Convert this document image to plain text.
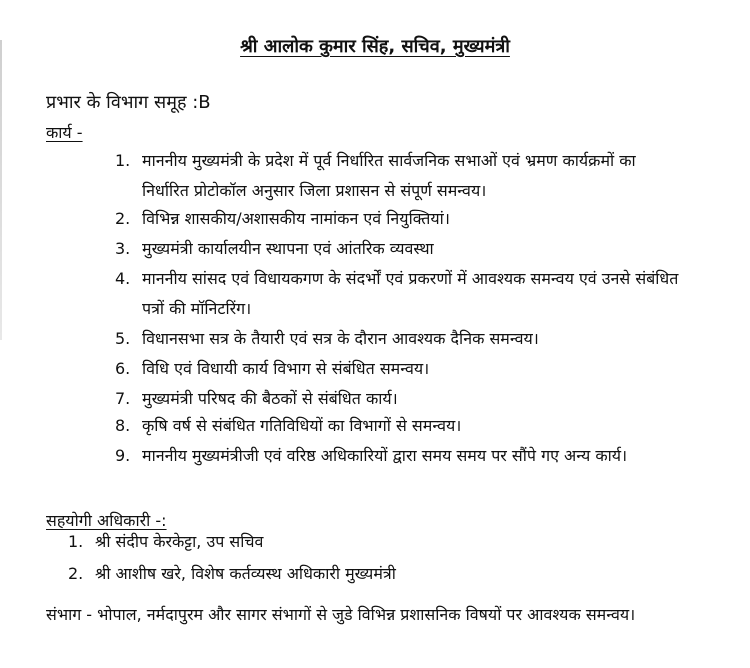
श्री आलोक कुमार सिंह, सचिव, मुख्यमंत्री
प्रभार के विभाग समूह :B
कार्य -
1. माननीय मुख्यमंत्री के प्रदेश में पूर्व निर्धारित सार्वजनिक सभाओं एवं भ्रमण कार्यक्रमों का निर्धारित प्रोटोकॉल अनुसार जिला प्रशासन से संपूर्ण समन्वय।
2. विभिन्न शासकीय/अशासकीय नामांकन एवं नियुक्तियां।
3. मुख्यमंत्री कार्यालयीन स्थापना एवं आंतरिक व्यवस्था
4. माननीय सांसद एवं विधायकगण के संदर्भों एवं प्रकरणों में आवश्यक समन्वय एवं उनसे संबंधित पत्रों की मॉनिटरिंग।
5. विधानसभा सत्र के तैयारी एवं सत्र के दौरान आवश्यक दैनिक समन्वय।
6. विधि एवं विधायी कार्य विभाग से संबंधित समन्वय।
7. मुख्यमंत्री परिषद की बैठकों से संबंधित कार्य।
8. कृषि वर्ष से संबंधित गतिविधियों का विभागों से समन्वय।
9. माननीय मुख्यमंत्रीजी एवं वरिष्ठ अधिकारियों द्वारा समय समय पर सौंपे गए अन्य कार्य।
सहयोगी अधिकारी -:
1. श्री संदीप केरकेट्टा, उप सचिव
2. श्री आशीष खरे, विशेष कर्तव्यस्थ अधिकारी मुख्यमंत्री
संभाग - भोपाल, नर्मदापुरम और सागर संभागों से जुडे विभिन्न प्रशासनिक विषयों पर आवश्यक समन्वय।
